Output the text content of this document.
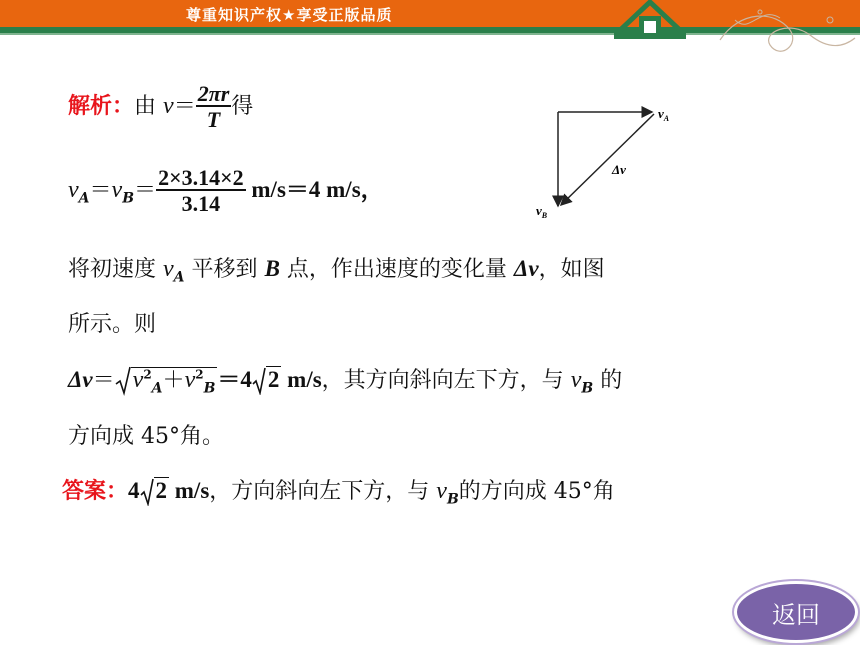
尊重知识产权★享受正版品质
解析：由 $v= \frac{2\pi r}{T}$ 得
$v_A=v_B= \frac{2\times 3.14\times 2}{3.14} m/s=4$ m/s，
$v_A$
Δv
$v_B$
将初速度 $v_A$ 平移到 B 点，作出速度的变化量 Δv，如图
所示。则
$\Delta v= v^2_A+v^2_B=4$ 2 m/s，其方向斜向左下方，与 $v_B$ 的
方向成 45°角。
答案：4 2 m/s，方向斜向左下方，与 $v_B$的方向成 45°角
返回
